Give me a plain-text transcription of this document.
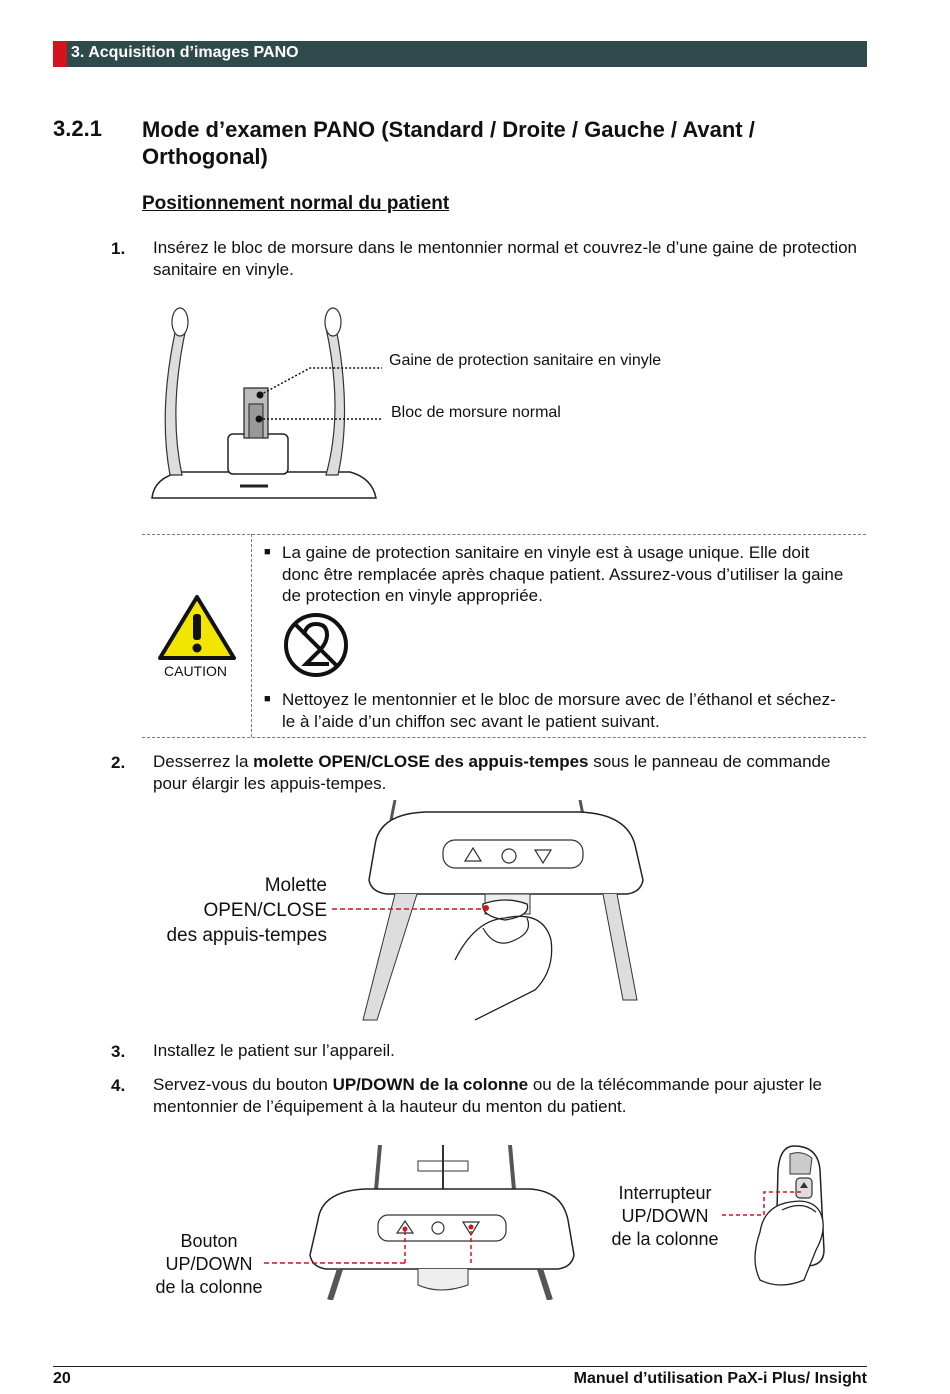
3. Acquisition d’images PANO
3.2.1 Mode d’examen PANO (Standard / Droite / Gauche / Avant / Orthogonal)
Positionnement normal du patient
1. Insérez le bloc de morsure dans le mentonnier normal et couvrez-le d’une gaine de protection sanitaire en vinyle.
Gaine de protection sanitaire en vinyle
Bloc de morsure normal
CAUTION
■ La gaine de protection sanitaire en vinyle est à usage unique. Elle doit donc être remplacée après chaque patient. Assurez-vous d’utiliser la gaine de protection en vinyle appropriée.
■ Nettoyez le mentonnier et le bloc de morsure avec de l’éthanol et séchez-le à l’aide d’un chiffon sec avant le patient suivant.
2. Desserrez la molette OPEN/CLOSE des appuis-tempes sous le panneau de commande pour élargir les appuis-tempes.
Molette
OPEN/CLOSE
des appuis-tempes
3. Installez le patient sur l’appareil.
4. Servez-vous du bouton UP/DOWN de la colonne ou de la télécommande pour ajuster le mentonnier de l’équipement à la hauteur du menton du patient.
Bouton
UP/DOWN
de la colonne
Interrupteur
UP/DOWN
de la colonne
20	Manuel d’utilisation PaX-i Plus/ Insight
